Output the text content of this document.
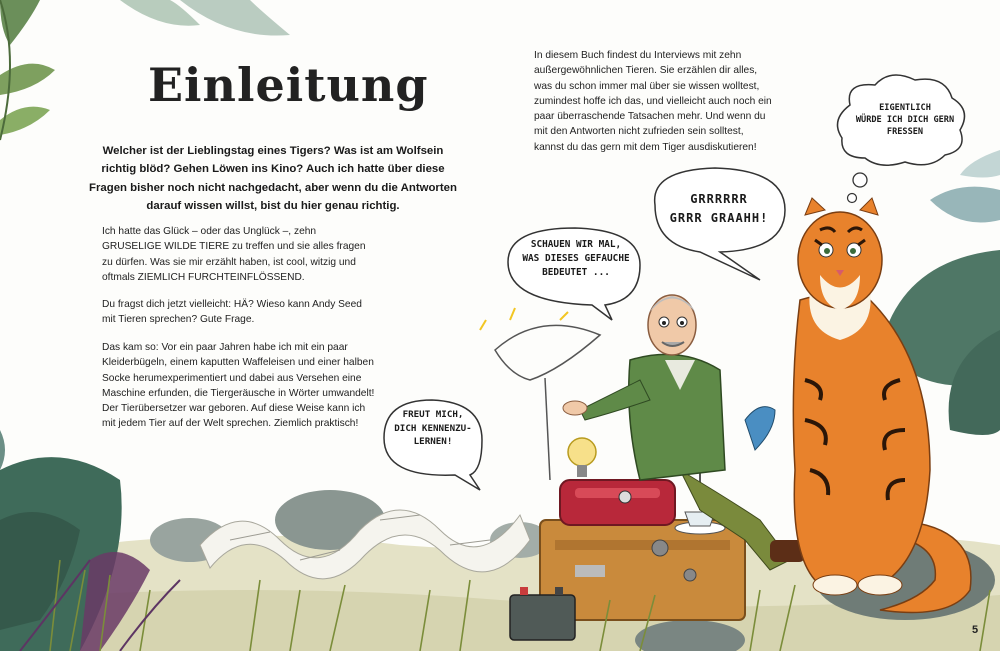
Einleitung
Welcher ist der Lieblingstag eines Tigers? Was ist am Wolfsein richtig blöd? Gehen Löwen ins Kino? Auch ich hatte über diese Fragen bisher noch nicht nachgedacht, aber wenn du die Antworten darauf wissen willst, bist du hier genau richtig.
Ich hatte das Glück – oder das Unglück –, zehn GRUSELIGE WILDE TIERE zu treffen und sie alles fragen zu dürfen. Was sie mir erzählt haben, ist cool, witzig und oftmals ZIEMLICH FURCHTEINFLÖSSEND.
Du fragst dich jetzt vielleicht: HÄ? Wieso kann Andy Seed mit Tieren sprechen? Gute Frage.
Das kam so: Vor ein paar Jahren habe ich mit ein paar Kleiderbügeln, einem kaputten Waffeleisen und einer halben Socke herumexperimentiert und dabei aus Versehen eine Maschine erfunden, die Tiergeräusche in Wörter umwandelt! Der Tierübersetzer war geboren. Auf diese Weise kann ich mit jedem Tier auf der Welt sprechen. Ziemlich praktisch!
In diesem Buch findest du Interviews mit zehn außergewöhnlichen Tieren. Sie erzählen dir alles, was du schon immer mal über sie wissen wolltest, zumindest hoffe ich das, und vielleicht auch noch ein paar überraschende Tatsachen mehr. Und wenn du mit den Antworten nicht zufrieden sein solltest, kannst du das gern mit dem Tiger ausdiskutieren!
EIGENTLICH
WÜRDE ICH DICH GERN
FRESSEN
GRRRRRR
GRRR GRAAHH!
SCHAUEN WIR MAL,
WAS DIESES GEFAUCHE
BEDEUTET ...
FREUT MICH,
DICH KENNENZU-
LERNEN!
5
